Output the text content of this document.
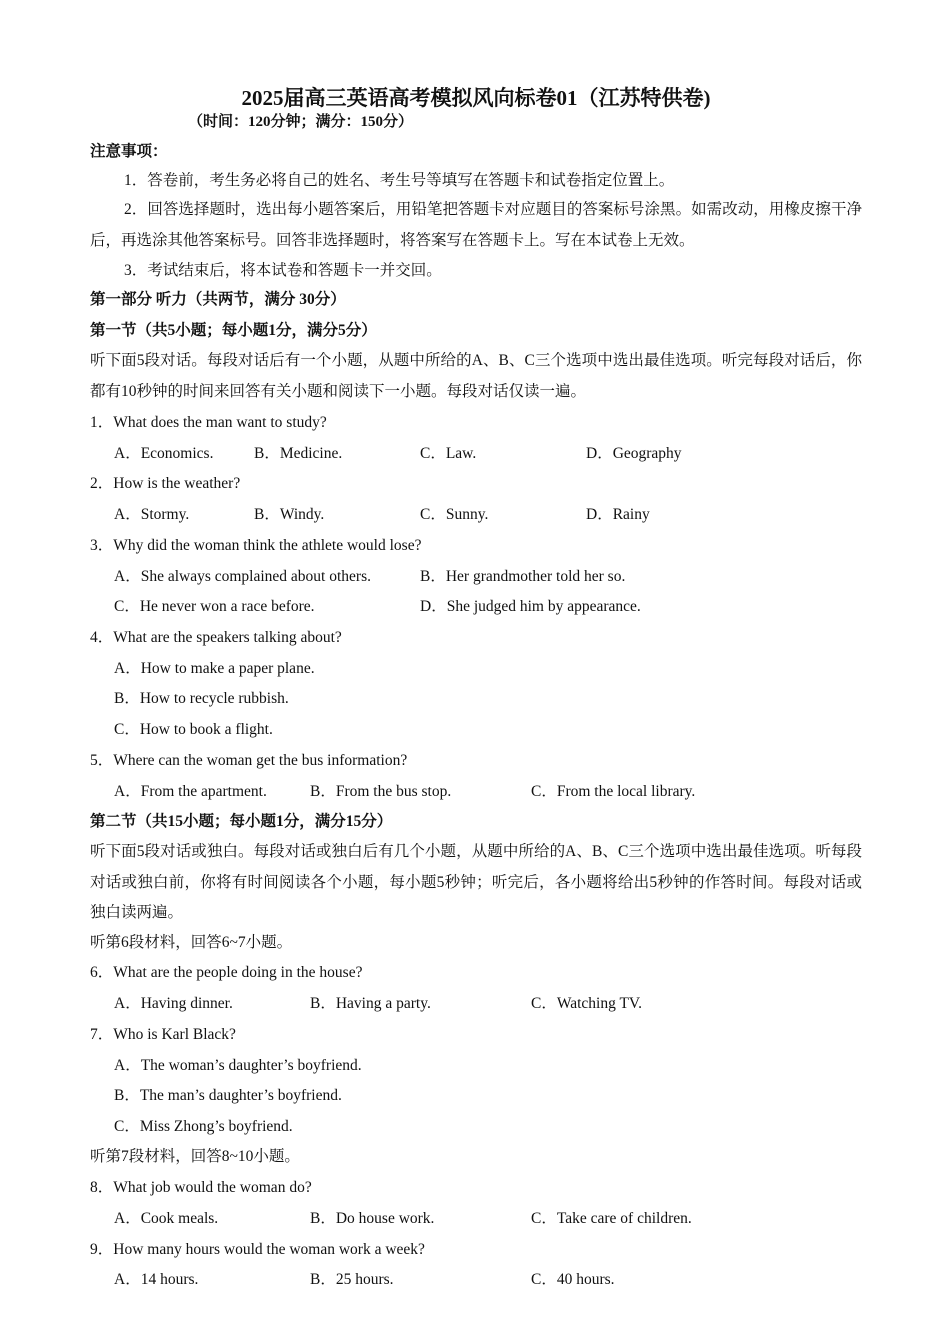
2025届高三英语高考模拟风向标卷01（江苏特供卷)
（时间：120分钟；满分：150分）
注意事项：
1．答卷前，考生务必将自己的姓名、考生号等填写在答题卡和试卷指定位置上。
2．回答选择题时，选出每小题答案后，用铅笔把答题卡对应题目的答案标号涂黑。如需改动，用橡皮擦干净后，再选涂其他答案标号。回答非选择题时，将答案写在答题卡上。写在本试卷上无效。
3．考试结束后，将本试卷和答题卡一并交回。
第一部分 听力（共两节，满分 30分）
第一节（共5小题；每小题1分，满分5分）
听下面5段对话。每段对话后有一个小题，从题中所给的A、B、C三个选项中选出最佳选项。听完每段对话后，你都有10秒钟的时间来回答有关小题和阅读下一小题。每段对话仅读一遍。
1．What does the man want to study?
A．Economics.	B．Medicine.	C．Law.	D．Geography
2．How is the weather?
A．Stormy.	B．Windy.	C．Sunny.	D．Rainy
3．Why did the woman think the athlete would lose?
A．She always complained about others.	B．Her grandmother told her so.
C．He never won a race before.	D．She judged him by appearance.
4．What are the speakers talking about?
A．How to make a paper plane.
B．How to recycle rubbish.
C．How to book a flight.
5．Where can the woman get the bus information?
A．From the apartment.	B．From the bus stop.	C．From the local library.
第二节（共15小题；每小题1分，满分15分）
听下面5段对话或独白。每段对话或独白后有几个小题，从题中所给的A、B、C三个选项中选出最佳选项。听每段对话或独白前，你将有时间阅读各个小题，每小题5秒钟；听完后，各小题将给出5秒钟的作答时间。每段对话或独白读两遍。
听第6段材料，回答6~7小题。
6．What are the people doing in the house?
A．Having dinner.	B．Having a party.	C．Watching TV.
7．Who is Karl Black?
A．The woman’s daughter’s boyfriend.
B．The man’s daughter’s boyfriend.
C．Miss Zhong’s boyfriend.
听第7段材料，回答8~10小题。
8．What job would the woman do?
A．Cook meals.	B．Do house work.	C．Take care of children.
9．How many hours would the woman work a week?
A．14 hours.	B．25 hours.	C．40 hours.
